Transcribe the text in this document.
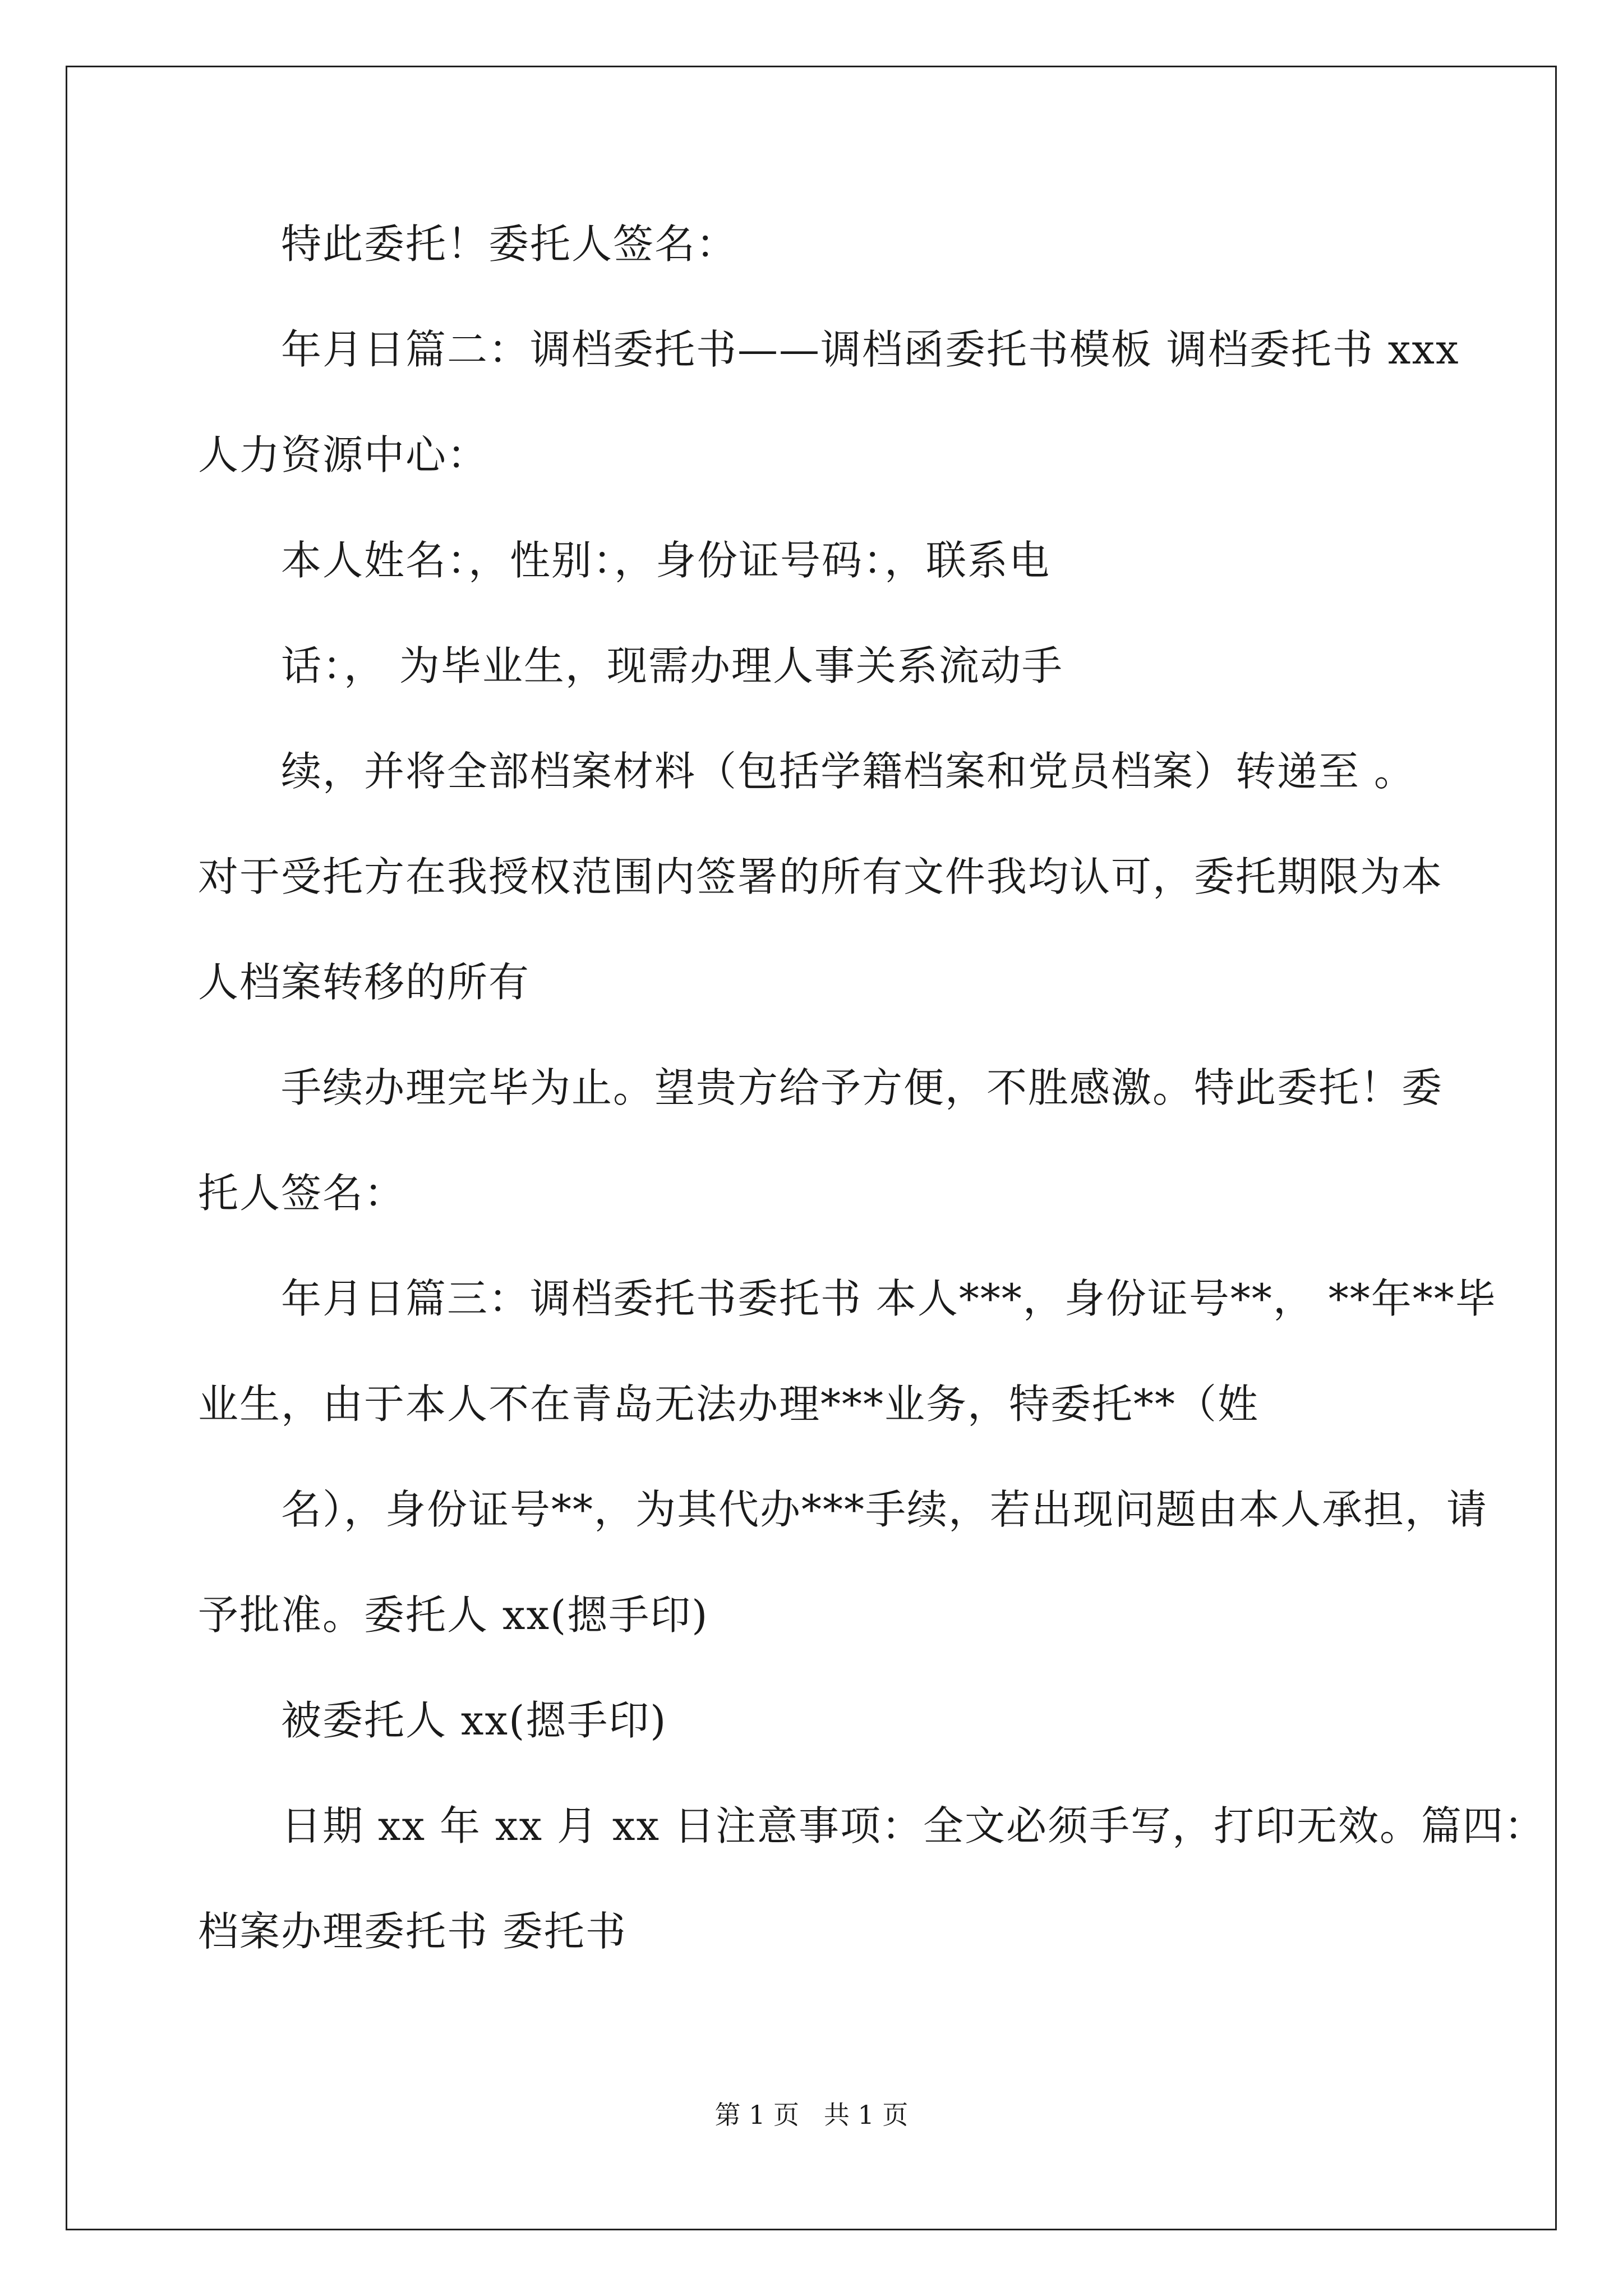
特此委托！委托人签名：
年月日篇二：调档委托书——调档函委托书模板 调档委托书 xxx
人力资源中心：
本人姓名：，性别：，身份证号码：，联系电
话：， 为毕业生，现需办理人事关系流动手
续，并将全部档案材料（包括学籍档案和党员档案）转递至 。
对于受托方在我授权范围内签署的所有文件我均认可，委托期限为本
人档案转移的所有
手续办理完毕为止。望贵方给予方便，不胜感激。特此委托！委
托人签名：
年月日篇三：调档委托书委托书 本人***，身份证号**， **年**毕
业生，由于本人不在青岛无法办理***业务，特委托**（姓
名），身份证号**，为其代办***手续，若出现问题由本人承担，请
予批准。委托人 xx(摁手印)
被委托人 xx(摁手印)
日期 xx 年 xx 月 xx 日注意事项：全文必须手写，打印无效。篇四：
档案办理委托书 委托书
第 1 页   共 1 页
